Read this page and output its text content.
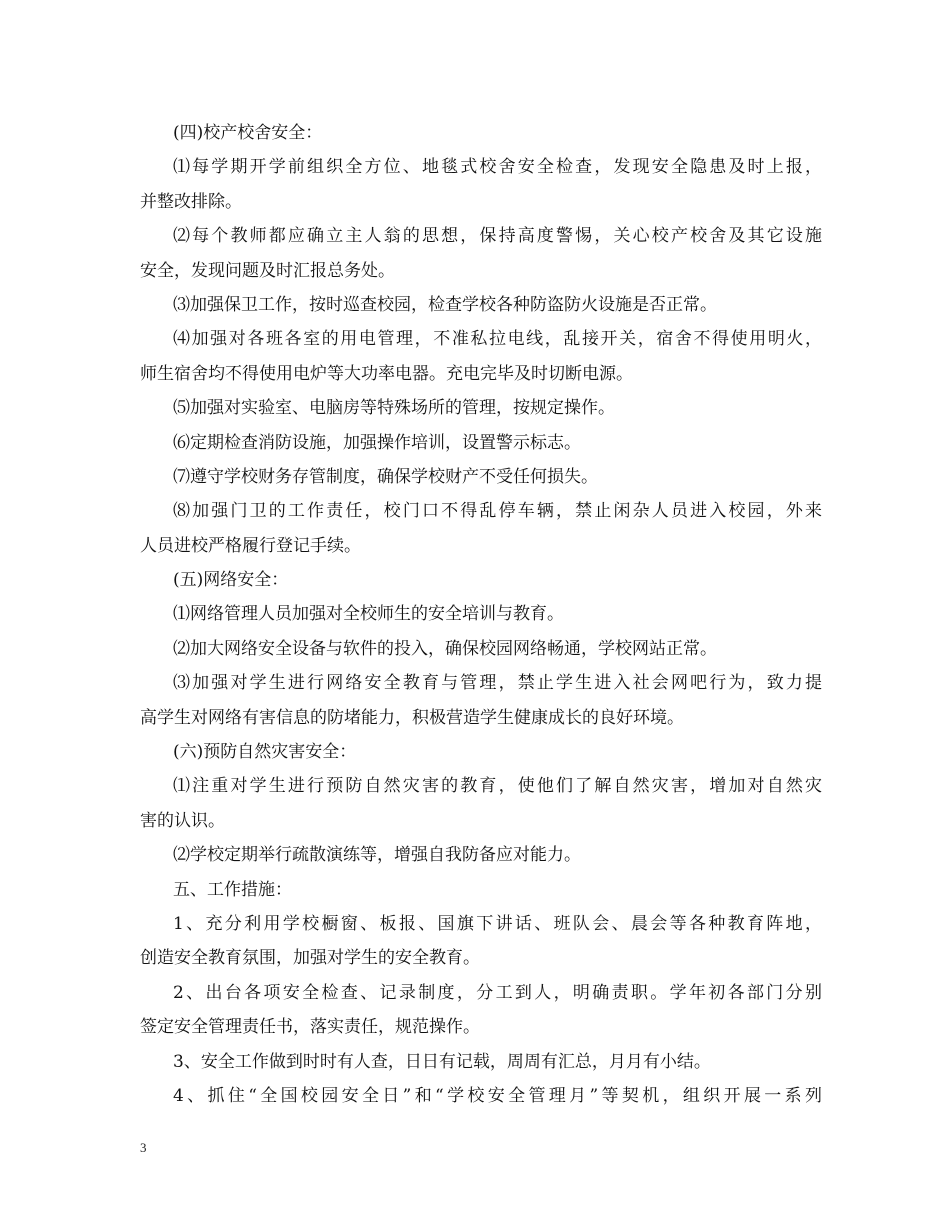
(四)校产校舍安全：
⑴每学期开学前组织全方位、地毯式校舍安全检查，发现安全隐患及时上报，
并整改排除。
⑵每个教师都应确立主人翁的思想，保持高度警惕，关心校产校舍及其它设施
安全，发现问题及时汇报总务处。
⑶加强保卫工作，按时巡查校园，检查学校各种防盗防火设施是否正常。
⑷加强对各班各室的用电管理，不准私拉电线，乱接开关，宿舍不得使用明火，
师生宿舍均不得使用电炉等大功率电器。充电完毕及时切断电源。
⑸加强对实验室、电脑房等特殊场所的管理，按规定操作。
⑹定期检查消防设施，加强操作培训，设置警示标志。
⑺遵守学校财务存管制度，确保学校财产不受任何损失。
⑻加强门卫的工作责任，校门口不得乱停车辆，禁止闲杂人员进入校园，外来
人员进校严格履行登记手续。
(五)网络安全：
⑴网络管理人员加强对全校师生的安全培训与教育。
⑵加大网络安全设备与软件的投入，确保校园网络畅通，学校网站正常。
⑶加强对学生进行网络安全教育与管理，禁止学生进入社会网吧行为，致力提
高学生对网络有害信息的防堵能力，积极营造学生健康成长的良好环境。
(六)预防自然灾害安全：
⑴注重对学生进行预防自然灾害的教育，使他们了解自然灾害，增加对自然灾
害的认识。
⑵学校定期举行疏散演练等，增强自我防备应对能力。
五、工作措施：
1、充分利用学校橱窗、板报、国旗下讲话、班队会、晨会等各种教育阵地，
创造安全教育氛围，加强对学生的安全教育。
2、出台各项安全检查、记录制度，分工到人，明确责职。学年初各部门分别
签定安全管理责任书，落实责任，规范操作。
3、安全工作做到时时有人查，日日有记载，周周有汇总，月月有小结。
4、抓住“全国校园安全日”和“学校安全管理月”等契机，组织开展一系列
3
